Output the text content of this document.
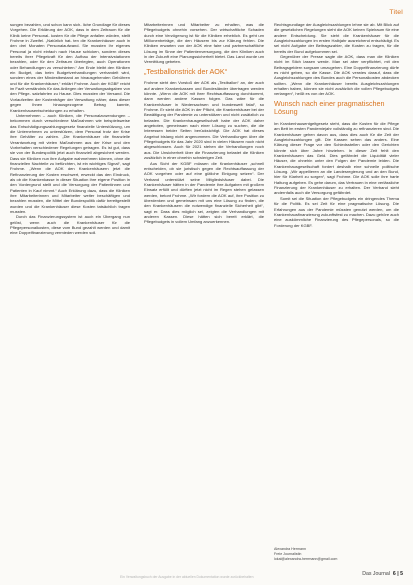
Titel

sungen bezahlen, und schon kann sich- liche Grundlage für dieses Vorgehen. Die Erklärung der AOK, dass in dem Zeitraum für die Klinik keine Personal- kosten für die Pflege anfallen würden, stellt Frohme in Zweifel. „Natürlich hat- ten die Krankenhäuser auch in den drei Monaten Personalaufwand. Sie mussten ihr eigenes Personal ja nicht einfach nach Hause schicken, sondern dieses bereits ihrer Pflegekraft für den Aufbau der Intensivstationen bezahlen, oder für den Zeitraum überlegten, auch Operationen oder Behandlungen zu verschieben.“ Am Ende bleibt den Kliniken ein Budget, das beim Budgetverhandlungen verhandelt wird, sondern eines der Mindestbestand an hinausgehenden Gebühren und für die Krankenhäuser,“ erklärt Frohme. Auch der KGBF reicht im Fazit verständnis für das Anliegen der Verwaltungsabgaben von den Pflege- satzfahrten zu Hause. Dies mussten der Versand. Die Vorlaufzeiten der Kostenträger der Verwaltung näher, dass dieser gegen Ihnen hinausgezogene Betrag kannte, Krankenhausentscheidungen zu erhalten.

Unternehmen – auch Kliniken, die Personalzuwendungen – bekommen durch verschiedene Maßnahmen wie beispielsweise das Entschädigungszahlungsgesetz finanzielle Unterstützung, um die Unternehmen zu unterstützen, dem Personal trotz der Krise ihre Gehälter zu zahlen. „Die Krankenhäuser die finanzielle Verantwortung mit vielen Maßnahmen aus der Krise und den Vorbehalten verschiedener Regelungen getragen. Es ist gut, dass sie von der Bundespolitik jetzt auch finanziell abgesichert werden. Dass sie Kliniken nun ihre Aufgabe wahrnehmen können, ohne die finanziellen Nachteile zu befürchten, ist ein wichtiges Signal“, sagt Frohme. „Wenn die AOK den Krankenhäusern jetzt die Refinanzierung der Kosten erschwert, erweckt das den Eindruck, als ob die Krankenkasse in dieser Situation ihre eigene Position in den Vordergrund stellt und die Versorgung der Patientinnen und Patienten in Kauf nimmt.“ Auch Erklärung dazu, dass die Kliniken ihre Mitarbeiterinnen und Mitarbeiter weiter beschäftigen und bezahlen mussten, die Mittel der Bundespolitik dafür bereitgestellt wurden und die Krankenhäuser diese Kosten tatsächlich tragen mussten.

Durch das Finanzierungssystem ist auch ein Übergang nun gelöst, wenn auch die Krankenhäuser für die Pflegepersonalkosten, diese vom Bund gezahlt werden und damit eine Doppelfinanzierung vermieden werden soll.

Mitarbeiterinnen und Mitarbeiter zu erhalten, was die Pflegebudgets ohnehin vorsehen. Der wirtschaftliche Schaden durch eine Verzögerung ist für die Kliniken erheblich. Es geht um Millionenbeträge, die den Häusern bis zur Klärung fehlen. Die Kliniken erwarten von der AOK eine faire und partnerschaftliche Lösung im Sinne der Patientenversorgung, die den Kliniken auch in der Zukunft eine Planungssicherheit bietet. Das Land wurde um Vermittlung gebeten.

„Testballonstrick der AOK“

Frohme sieht den Vorstoß der AOK als „Testballon“ an, der auch auf andere Krankenkassen und Bundesländer übertragen werden könnte. „Wenn die AOK mit ihrer Rechtsauffassung durchkommt, dann werden andere Kassen folgen. Das wäre für die Krankenhäuser in Niedersachsen und bundesweit fatal“, so Frohme. Er sieht die AOK in der Pflicht, die Krankenhäuser bei der Bewältigung der Pandemie zu unterstützen und nicht zusätzlich zu belasten. Die Krankenhausgesellschaft habe der AOK daher angeboten, gemeinsam nach einer Lösung zu suchen, die die Interessen beider Seiten berücksichtigt. Die AOK hat dieses Angebot bislang nicht angenommen. Die Verhandlungen über die Pflegebudgets für das Jahr 2020 sind in vielen Häusern noch nicht abgeschlossen. Auch für 2021 stehen die Verhandlungen noch aus. Die Unsicherheit über die Finanzierung belastet die Kliniken zusätzlich in einer ohnehin schwierigen Zeit.

Aus Sicht der KGBF müssen die Krankenhäuser „schnell entscheiden, ob sie juristisch gegen die Rechtsauffassung der AOK vorgehen oder auf eine gütliche Einigung setzen“. Der Verband unterstützt seine Mitgliedshäuser dabei. Die Krankenhäuser hätten in der Pandemie ihre Aufgaben mit großem Einsatz erfüllt und dürften jetzt nicht im Regen stehen gelassen werden, betont Frohme. „Wir fordern die AOK auf, ihre Position zu überdenken und gemeinsam mit uns eine Lösung zu finden, die den Krankenhäusern die notwendige finanzielle Sicherheit gibt“, sagt er. Dass dies möglich sei, zeigten die Verhandlungen mit anderen Kassen. Diese hätten sich bereit erklärt, die Pflegebudgets in vollem Umfang anzuerkennen.

Rechtsgrundlage der Ausgleichszahlungen lehne sie ab. Mit Blick auf die gesetzlichen Regelungen sieht die AOK keinen Spielraum für eine andere Entscheidung. Sie sieht die Krankenhäuser für die Ausgleichszahlungen im ersten Halbjahr ausreichend entschädigt. Es sei nicht Aufgabe der Beitragszahler, die Kosten zu tragen, für die bereits der Bund aufgekommen sei.

Gegenüber der Presse sagte die AOK, dass man die Kliniken nicht im Stich lassen werde. Man sei aber verpflichtet, mit den Beitragsgeldern sorgsam umzugehen. Eine Doppelfinanzierung dürfe es nicht geben, so die Kasse. Die AOK verwies darauf, dass die Ausgleichszahlungen des Bundes auch die Personalkosten abdecken sollten. „Wenn die Krankenhäuser bereits Ausgleichszahlungen erhalten haben, können sie nicht zusätzlich die vollen Pflegebudgets verlangen“, heißt es von der AOK.

Wunsch nach einer pragmatischen Lösung

Im Krankenhausentgeltgesetz steht, dass die Kosten für die Pflege am Bett im ersten Pandemiejahr vollständig zu refinanzieren sind. Die Krankenhäuser gehen davon aus, dass dies auch für die Zeit der Ausgleichszahlungen gilt. Die Kassen sehen das anders. Eine Klärung dieser Frage vor den Schiedsstellen oder den Gerichten könnte sich über Jahre hinziehen. In dieser Zeit fehlt den Krankenhäusern das Geld. Dies gefährdet die Liquidität vieler Häuser, die ohnehin unter den Folgen der Pandemie leiden. Die Krankenhausgesellschaft fordert deshalb eine schnelle politische Lösung. „Wir appellieren an die Landesregierung und an den Bund, hier für Klarheit zu sorgen“, sagt Frohme. Die AOK solle ihre harte Haltung aufgeben. Es gehe darum, das Vertrauen in eine verlässliche Finanzierung der Krankenhäuser zu erhalten. Der Verband sieht andernfalls auch die Versorgung gefährdet.

Somit sei die Situation der Pflegebudgets ein dringendes Thema für die Politik. Es sei Zeit für eine pragmatische Lösung. Die Erfahrungen aus der Pandemie müssten genutzt werden, um die Krankenhausfinanzierung zukunftsfest zu machen. Dazu gehöre auch eine auskömmliche Finanzierung des Pflegepersonals, so die Forderung der KGBF.

Alexandra Hermann
Freie Journalistin
lokal@alexandra-herrmann@gmail.com
Ein Verwaltungsbuch der Ausgabe in der aktuellen Dokumentation wurde zurückbehalten	Das Journal 6 | 5
